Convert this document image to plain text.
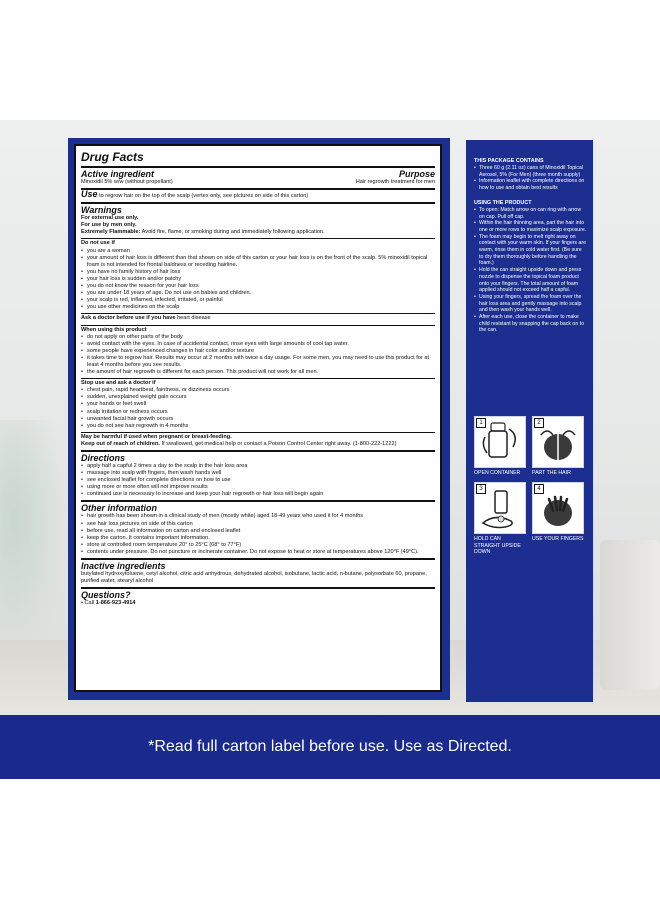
Drug Facts
Active ingredient	Purpose
Minoxidil 5% w/w (without propellant)	Hair regrowth treatment for men
Use to regrow hair on the top of the scalp (vertex only, see pictures on side of this carton)
Warnings
For external use only.
For use by men only.
Extremely Flammable: Avoid fire, flame, or smoking during and immediately following application.
Do not use if
• you are a woman
• your amount of hair loss is different than that shown on side of this carton or your hair loss is on the front of the scalp. 5% minoxidil topical foam is not intended for frontal baldness or receding hairline.
• you have no family history of hair loss
• your hair loss is sudden and/or patchy
• you do not know the reason for your hair loss
• you are under 18 years of age. Do not use on babies and children.
• your scalp is red, inflamed, infected, irritated, or painful
• you use other medicines on the scalp
Ask a doctor before use if you have heart disease
When using this product
• do not apply on other parts of the body
• avoid contact with the eyes. In case of accidental contact, rinse eyes with large amounts of cool tap water.
• some people have experienced changes in hair color and/or texture
• it takes time to regrow hair. Results may occur at 2 months with twice a day usage. For some men, you may need to use this product for at least 4 months before you see results.
• the amount of hair regrowth is different for each person. This product will not work for all men.
Stop use and ask a doctor if
• chest pain, rapid heartbeat, faintness, or dizziness occurs
• sudden, unexplained weight gain occurs
• your hands or feet swell
• scalp irritation or redness occurs
• unwanted facial hair growth occurs
• you do not see hair regrowth in 4 months
May be harmful if used when pregnant or breast-feeding.
Keep out of reach of children. If swallowed, get medical help or contact a Poison Control Center right away. (1-800-222-1222)
Directions
• apply half a capful 2 times a day to the scalp in the hair loss area
• massage into scalp with fingers, then wash hands well
• see enclosed leaflet for complete directions on how to use
• using more or more often will not improve results
• continued use is necessary to increase and keep your hair regrowth or hair loss will begin again
Other information
• hair growth has been shown in a clinical study of men (mostly white) aged 18-49 years who used it for 4 months
• see hair loss pictures on side of this carton
• before use, read all information on carton and enclosed leaflet
• keep the carton. It contains important information.
• store at controlled room temperature 20° to 25°C (68° to 77°F)
• contents under pressure. Do not puncture or incinerate container. Do not expose to heat or store at temperatures above 120°F (49°C).
Inactive ingredients
butylated hydroxytoluene, cetyl alcohol, citric acid anhydrous, dehydrated alcohol, isobutane, lactic acid, n-butane, polysorbate 60, propane, purified water, stearyl alcohol
Questions?
• Call 1-866-923-4914
THIS PACKAGE CONTAINS
• Three 60 g (2.11 oz) cans of Minoxidil Topical Aerosol, 5% (For Men) (three month supply)
• Information leaflet with complete directions on how to use and obtain best results
USING THE PRODUCT
• To open: Match arrow on can ring with arrow on cap. Pull off cap.
• Within the hair thinning area, part the hair into one or more rows to maximize scalp exposure.
• The foam may begin to melt right away on contact with your warm skin. If your fingers are warm, rinse them in cold water first. (Be sure to dry them thoroughly before handling the foam.)
• Hold the can straight upside down and press nozzle to dispense the topical foam product onto your fingers. The total amount of foam applied should not exceed half a capful.
• Using your fingers, spread the foam over the hair loss area and gently massage into scalp and then wash your hands well.
• After each use, close the container to make child resistant by snapping the cap back on to the can.
1
OPEN CONTAINER
2
PART THE HAIR
3
HOLD CAN STRAIGHT UPSIDE DOWN
4
USE YOUR FINGERS
*Read full carton label before use. Use as Directed.
